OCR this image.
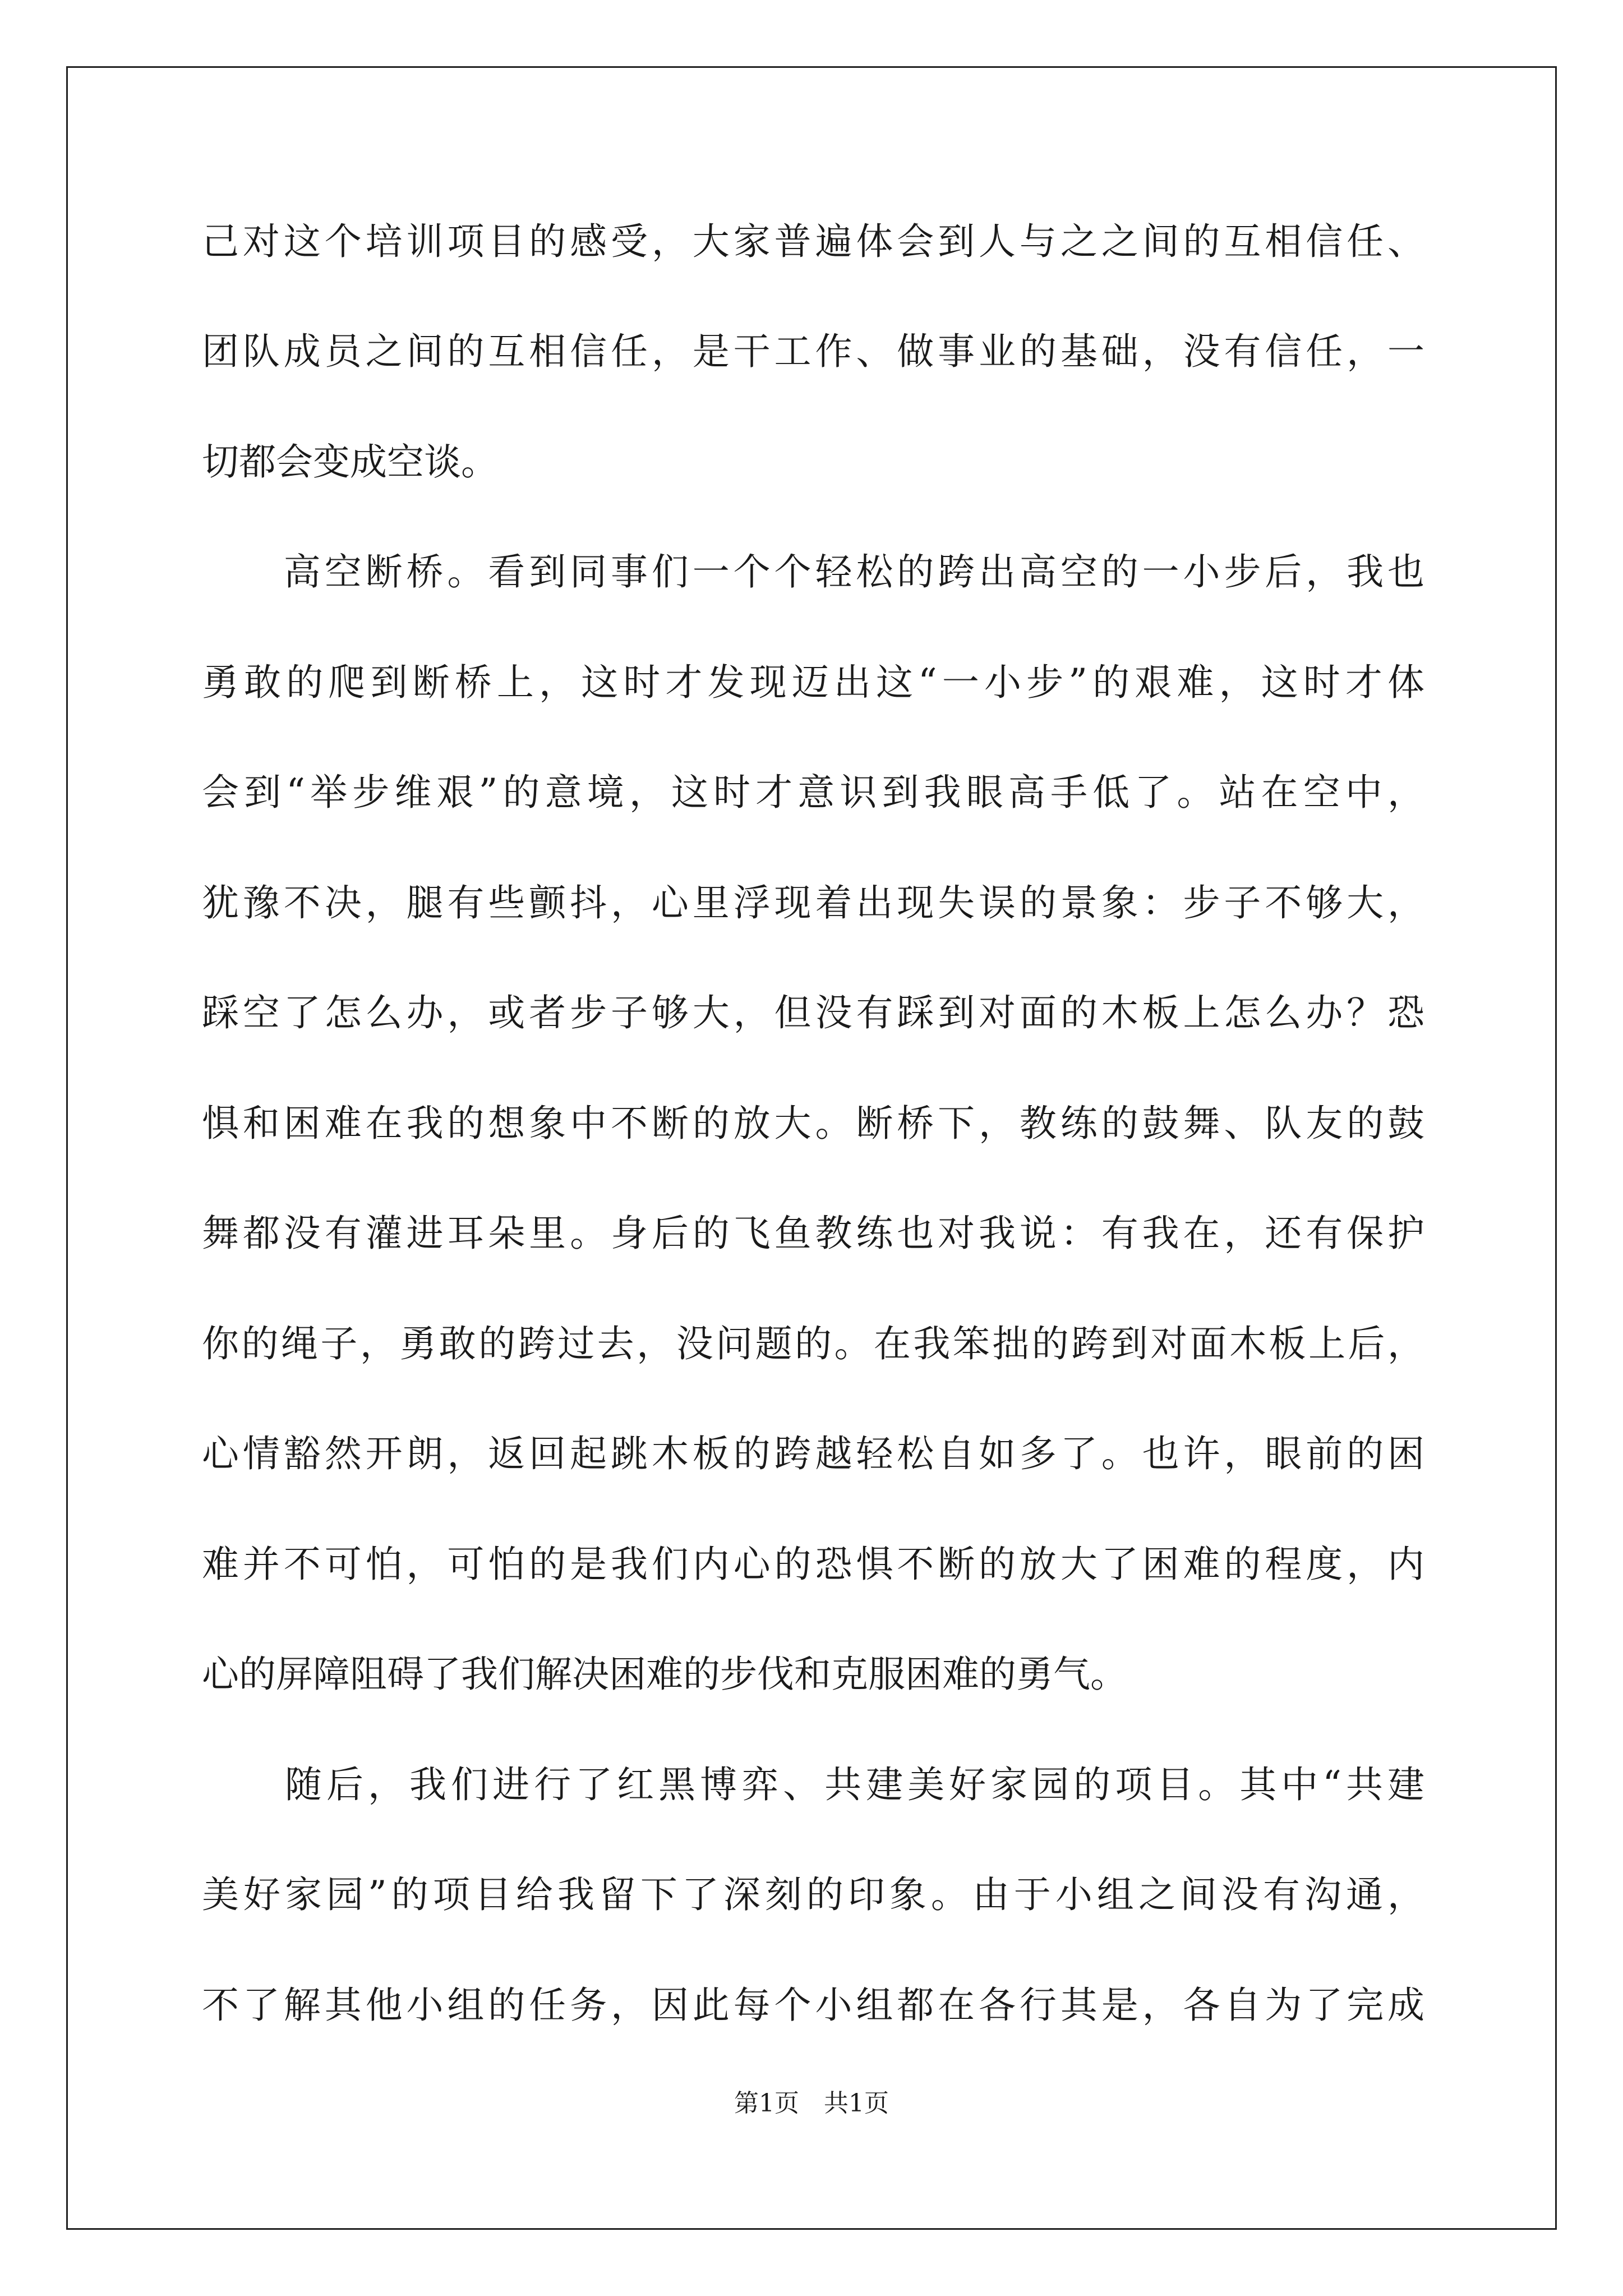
己对这个培训项目的感受，大家普遍体会到人与之之间的互相信任、
团队成员之间的互相信任，是干工作、做事业的基础，没有信任，一
切都会变成空谈。
　　高空断桥。看到同事们一个个轻松的跨出高空的一小步后，我也
勇敢的爬到断桥上，这时才发现迈出这“一小步”的艰难，这时才体
会到“举步维艰”的意境，这时才意识到我眼高手低了。站在空中，
犹豫不决，腿有些颤抖，心里浮现着出现失误的景象：步子不够大，
踩空了怎么办，或者步子够大，但没有踩到对面的木板上怎么办？恐
惧和困难在我的想象中不断的放大。断桥下，教练的鼓舞、队友的鼓
舞都没有灌进耳朵里。身后的飞鱼教练也对我说：有我在，还有保护
你的绳子，勇敢的跨过去，没问题的。在我笨拙的跨到对面木板上后，
心情豁然开朗，返回起跳木板的跨越轻松自如多了。也许，眼前的困
难并不可怕，可怕的是我们内心的恐惧不断的放大了困难的程度，内
心的屏障阻碍了我们解决困难的步伐和克服困难的勇气。
　　随后，我们进行了红黑博弈、共建美好家园的项目。其中“共建
美好家园”的项目给我留下了深刻的印象。由于小组之间没有沟通，
不了解其他小组的任务，因此每个小组都在各行其是，各自为了完成
第1页　共1页
